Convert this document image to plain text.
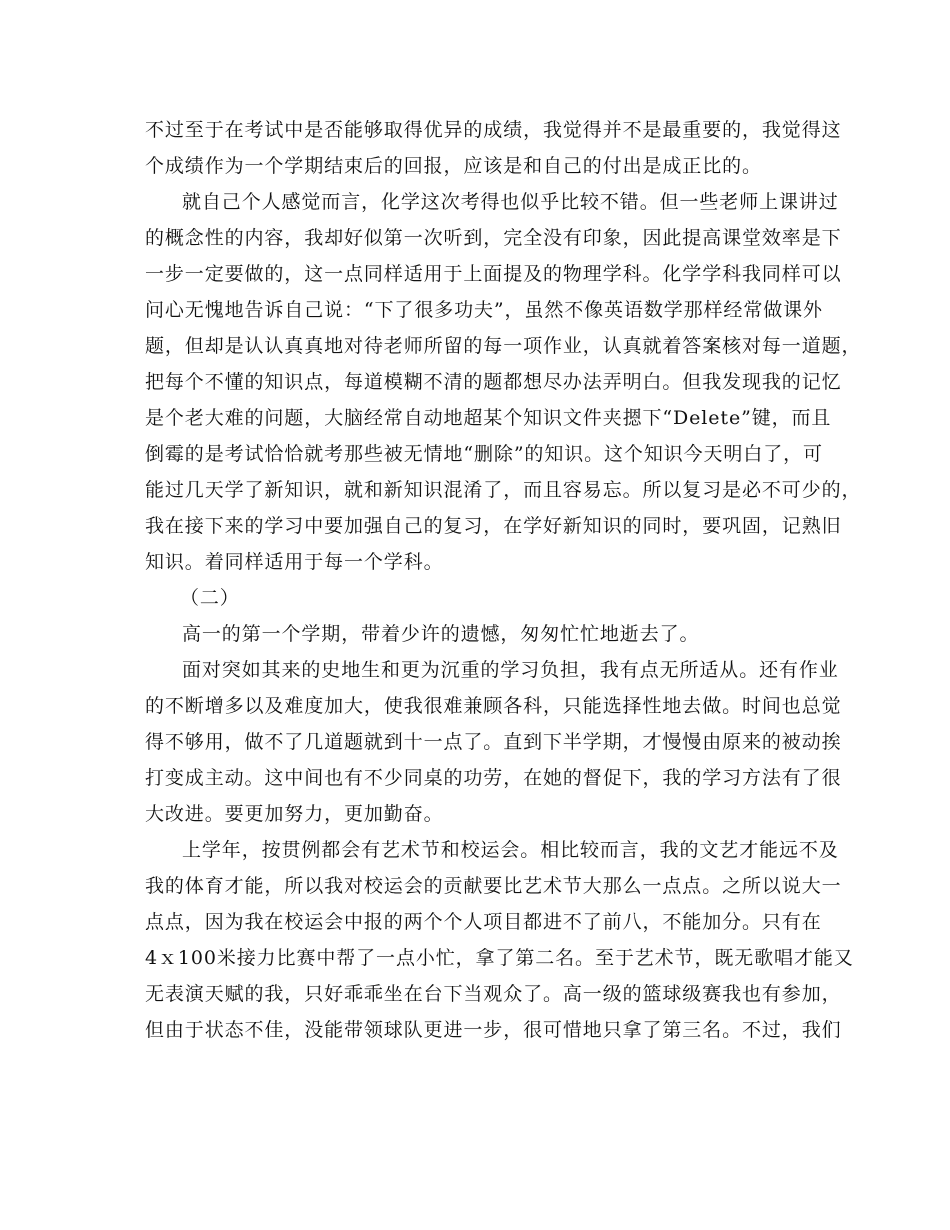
不过至于在考试中是否能够取得优异的成绩，我觉得并不是最重要的，我觉得这

个成绩作为一个学期结束后的回报，应该是和自己的付出是成正比的。

就自己个人感觉而言，化学这次考得也似乎比较不错。但一些老师上课讲过

的概念性的内容，我却好似第一次听到，完全没有印象，因此提高课堂效率是下

一步一定要做的，这一点同样适用于上面提及的物理学科。化学学科我同样可以

问心无愧地告诉自己说：“下了很多功夫”，虽然不像英语数学那样经常做课外

题，但却是认认真真地对待老师所留的每一项作业，认真就着答案核对每一道题，

把每个不懂的知识点，每道模糊不清的题都想尽办法弄明白。但我发现我的记忆

是个老大难的问题，大脑经常自动地超某个知识文件夹摁下“Delete”键，而且

倒霉的是考试恰恰就考那些被无情地“删除”的知识。这个知识今天明白了，可

能过几天学了新知识，就和新知识混淆了，而且容易忘。所以复习是必不可少的，

我在接下来的学习中要加强自己的复习，在学好新知识的同时，要巩固，记熟旧

知识。着同样适用于每一个学科。

（二）

高一的第一个学期，带着少许的遗憾，匆匆忙忙地逝去了。

面对突如其来的史地生和更为沉重的学习负担，我有点无所适从。还有作业

的不断增多以及难度加大，使我很难兼顾各科，只能选择性地去做。时间也总觉

得不够用，做不了几道题就到十一点了。直到下半学期，才慢慢由原来的被动挨

打变成主动。这中间也有不少同桌的功劳，在她的督促下，我的学习方法有了很

大改进。要更加努力，更加勤奋。

上学年，按贯例都会有艺术节和校运会。相比较而言，我的文艺才能远不及

我的体育才能，所以我对校运会的贡献要比艺术节大那么一点点。之所以说大一

点点，因为我在校运会中报的两个个人项目都进不了前八，不能加分。只有在

4ｘ100米接力比赛中帮了一点小忙，拿了第二名。至于艺术节，既无歌唱才能又

无表演天赋的我，只好乖乖坐在台下当观众了。高一级的篮球级赛我也有参加，

但由于状态不佳，没能带领球队更进一步，很可惜地只拿了第三名。不过，我们
